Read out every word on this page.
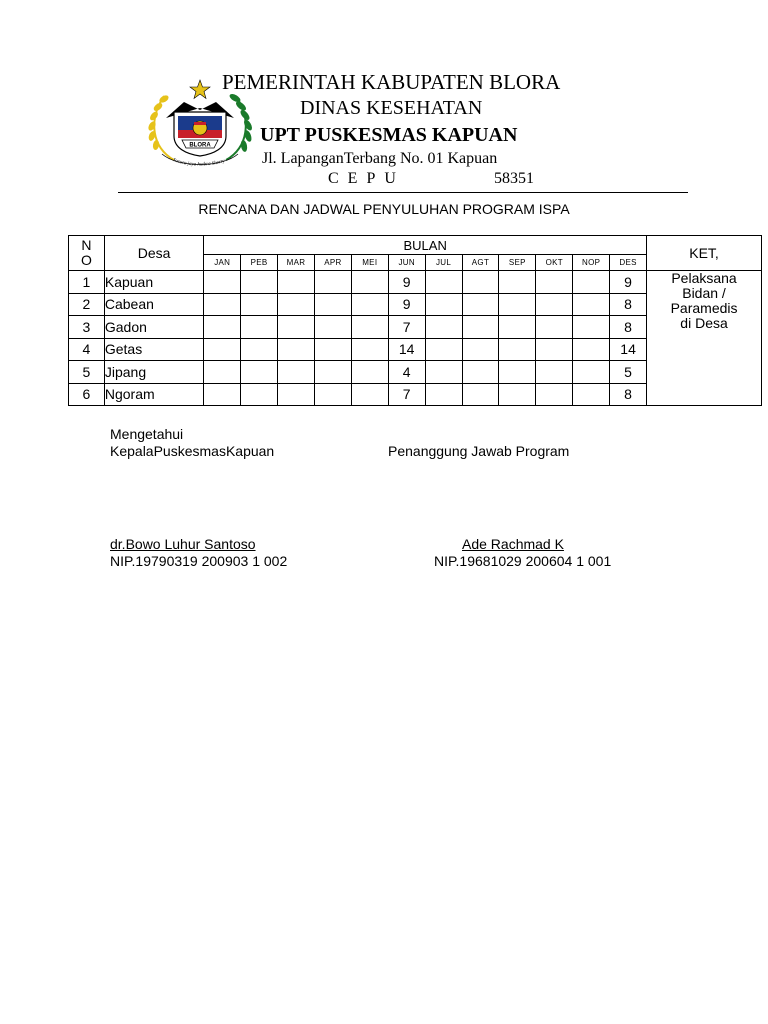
BLORA
Sucura jaya hutbra Sherry
PEMERINTAH KABUPATEN BLORA
DINAS KESEHATAN
UPT PUSKESMAS KAPUAN
Jl. LapanganTerbang No. 01 Kapuan
CEPU	58351
RENCANA DAN JADWAL PENYULUHAN PROGRAM ISPA
N
O	Desa	BULAN												KET,
		JAN	PEB	MAR	APR	MEI	JUN	JUL	AGT	SEP	OKT	NOP	DES	
1	Kapuan						9						9	Pelaksana
Bidan /
Paramedis
di Desa
2	Cabean						9						8	
3	Gadon						7						8	
4	Getas						14						14	
5	Jipang						4						5	
6	Ngoram						7						8	
Mengetahui
KepalaPuskesmasKapuan	Penanggung Jawab Program
dr.Bowo Luhur Santoso
NIP.19790319 200903 1 002
Ade Rachmad K
NIP.19681029 200604 1 001
